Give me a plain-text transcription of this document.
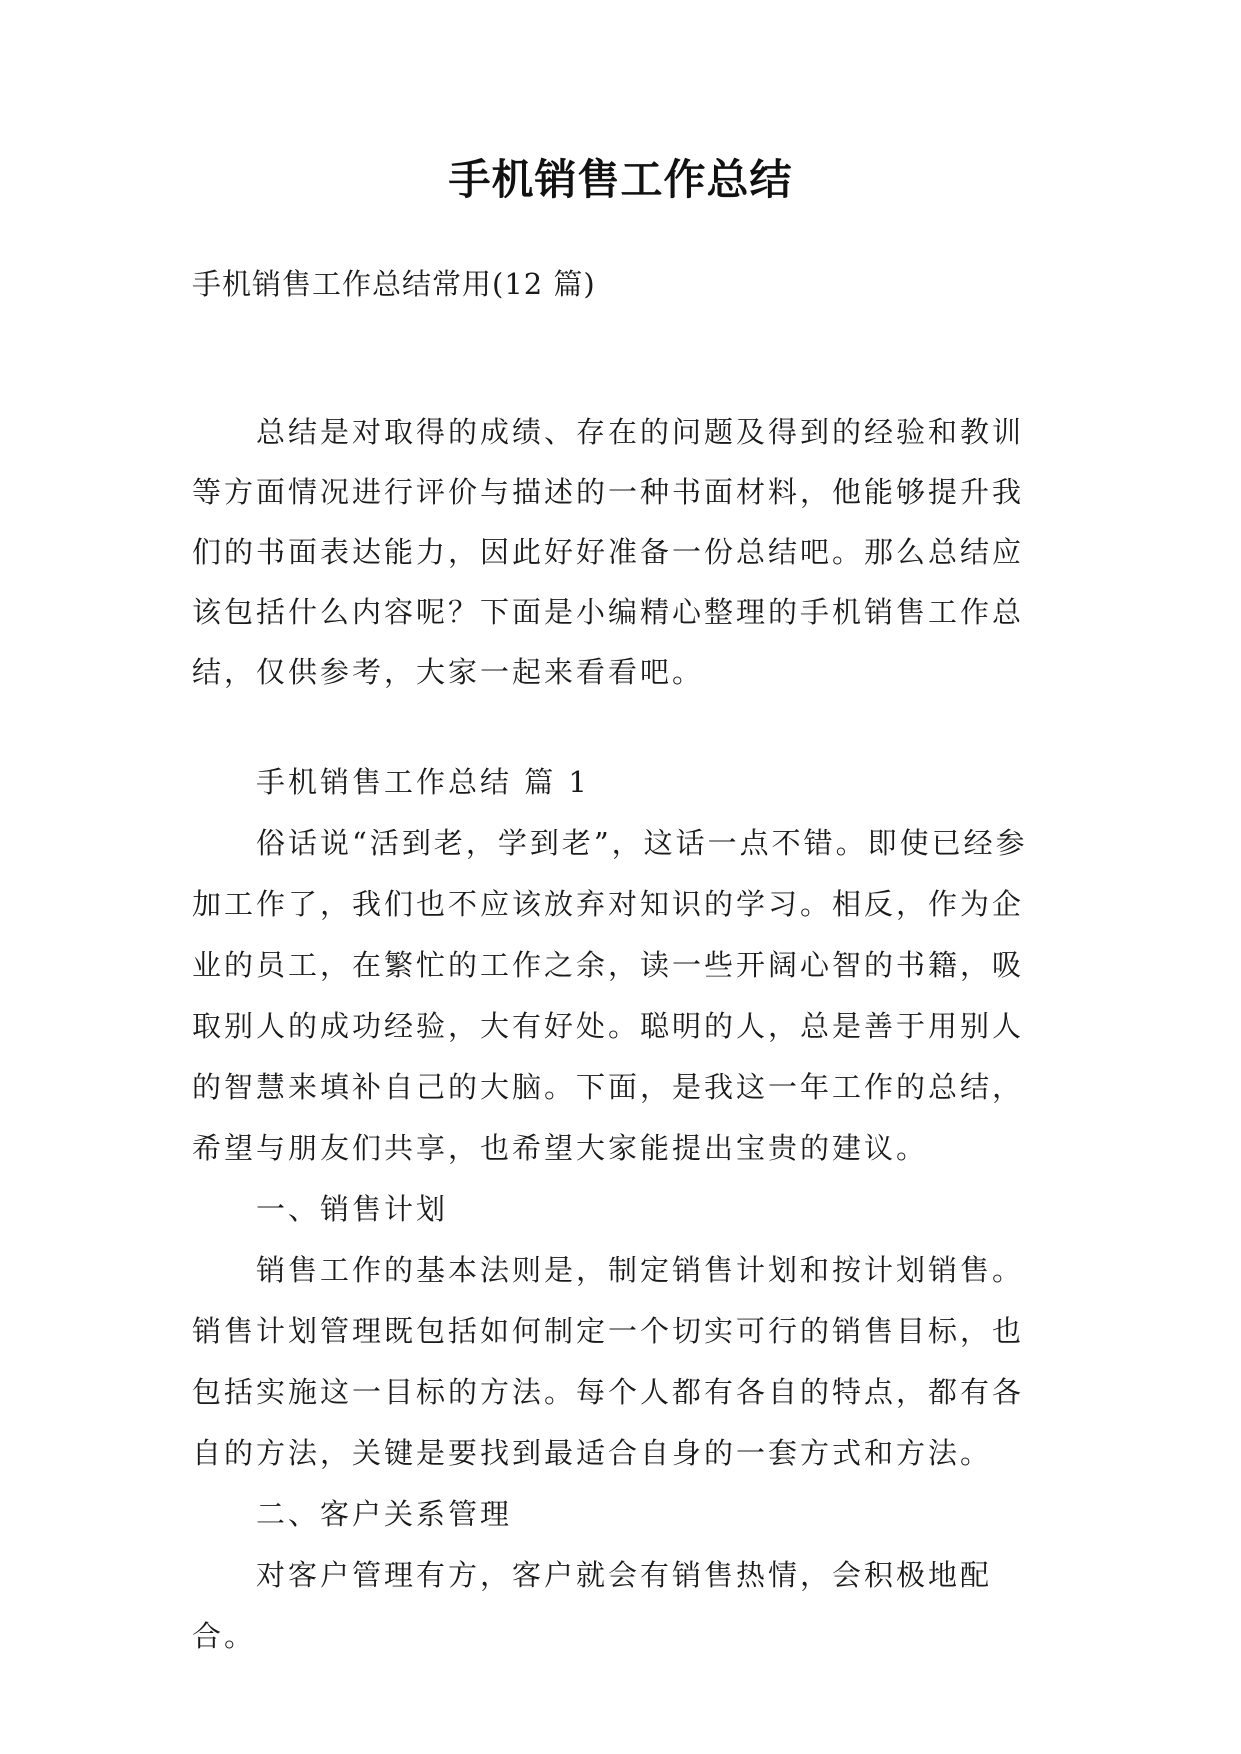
手机销售工作总结
手机销售工作总结常用(12 篇)

总结是对取得的成绩、存在的问题及得到的经验和教训等方面情况进行评价与描述的一种书面材料，他能够提升我们的书面表达能力，因此好好准备一份总结吧。那么总结应该包括什么内容呢？下面是小编精心整理的手机销售工作总结，仅供参考，大家一起来看看吧。

手机销售工作总结 篇 1

俗话说“活到老，学到老”，这话一点不错。即使已经参加工作了，我们也不应该放弃对知识的学习。相反，作为企业的员工，在繁忙的工作之余，读一些开阔心智的书籍，吸取别人的成功经验，大有好处。聪明的人，总是善于用别人的智慧来填补自己的大脑。下面，是我这一年工作的总结，希望与朋友们共享，也希望大家能提出宝贵的建议。

一、销售计划

销售工作的基本法则是，制定销售计划和按计划销售。销售计划管理既包括如何制定一个切实可行的销售目标，也包括实施这一目标的方法。每个人都有各自的特点，都有各自的方法，关键是要找到最适合自身的一套方式和方法。

二、客户关系管理

对客户管理有方，客户就会有销售热情，会积极地配合。
